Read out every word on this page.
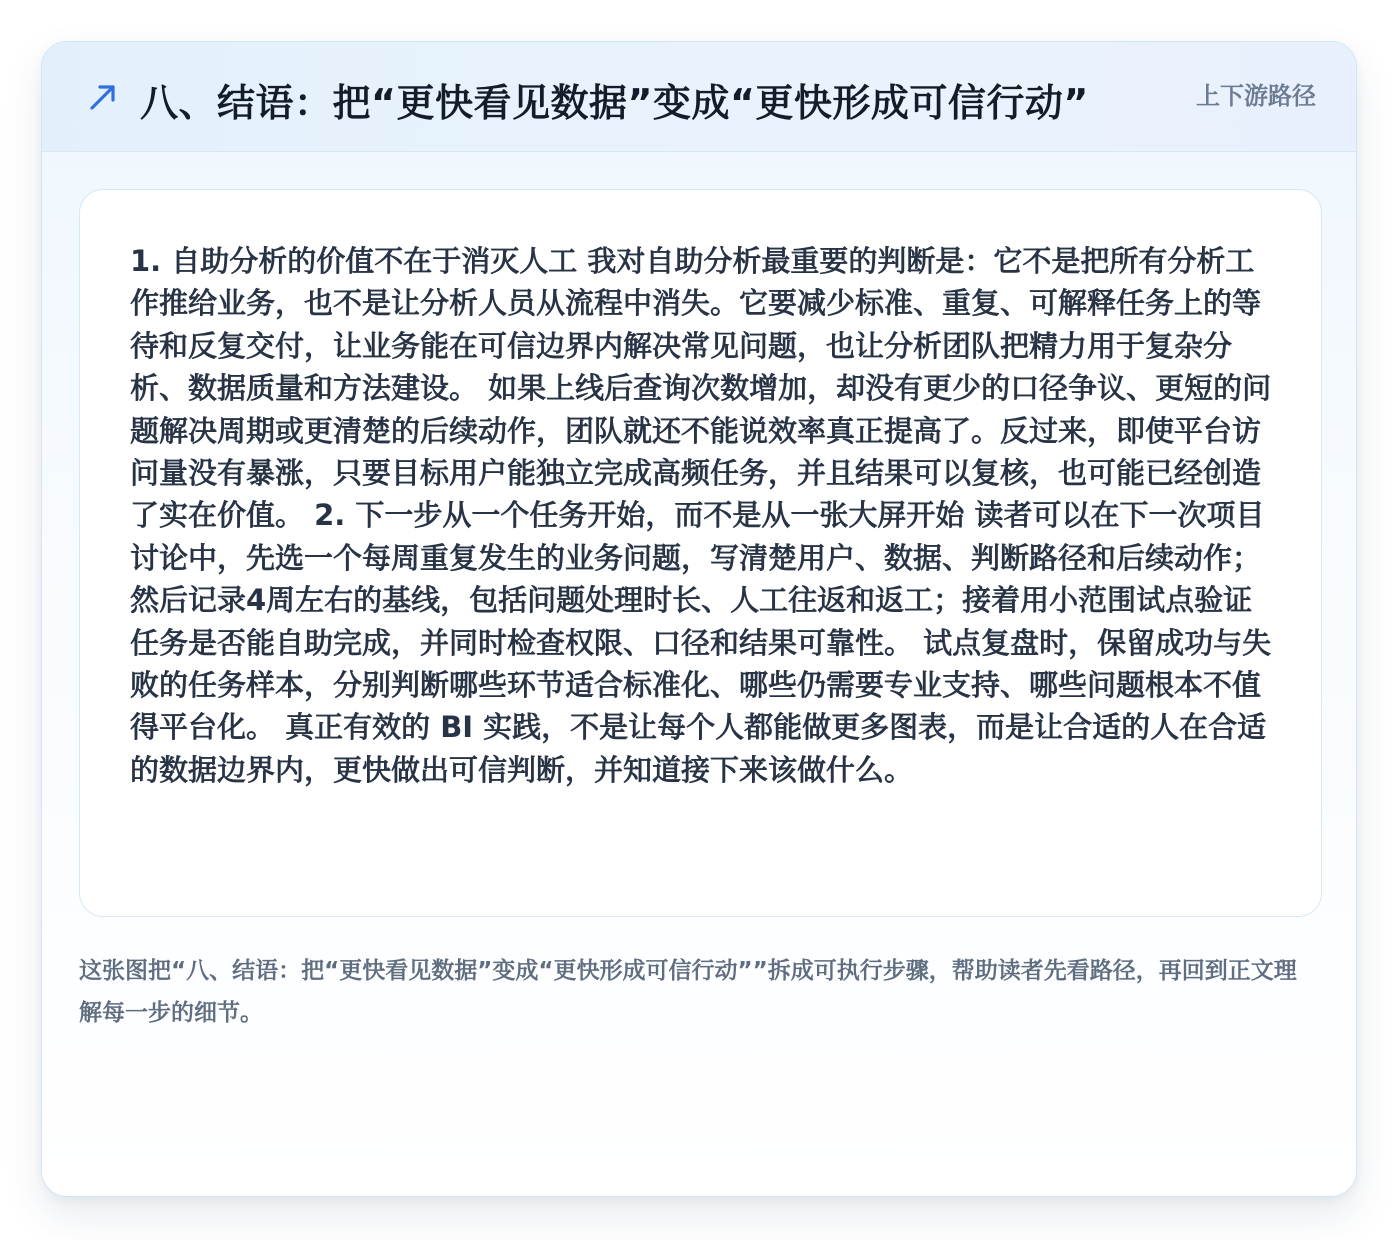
八、结语：把“更快看见数据”变成“更快形成可信行动”	上下游路径
1. 自助分析的价值不在于消灭人工 我对自助分析最重要的判断是：它不是把所有分析工作推给业务，也不是让分析人员从流程中消失。它要减少标准、重复、可解释任务上的等待和反复交付，让业务能在可信边界内解决常见问题，也让分析团队把精力用于复杂分析、数据质量和方法建设。 如果上线后查询次数增加，却没有更少的口径争议、更短的问题解决周期或更清楚的后续动作，团队就还不能说效率真正提高了。反过来，即使平台访问量没有暴涨，只要目标用户能独立完成高频任务，并且结果可以复核，也可能已经创造了实在价值。 2. 下一步从一个任务开始，而不是从一张大屏开始 读者可以在下一次项目讨论中，先选一个每周重复发生的业务问题，写清楚用户、数据、判断路径和后续动作；然后记录4周左右的基线，包括问题处理时长、人工往返和返工；接着用小范围试点验证任务是否能自助完成，并同时检查权限、口径和结果可靠性。 试点复盘时，保留成功与失败的任务样本，分别判断哪些环节适合标准化、哪些仍需要专业支持、哪些问题根本不值得平台化。 真正有效的 BI 实践，不是让每个人都能做更多图表，而是让合适的人在合适的数据边界内，更快做出可信判断，并知道接下来该做什么。
这张图把“八、结语：把“更快看见数据”变成“更快形成可信行动””拆成可执行步骤，帮助读者先看路径，再回到正文理解每一步的细节。
